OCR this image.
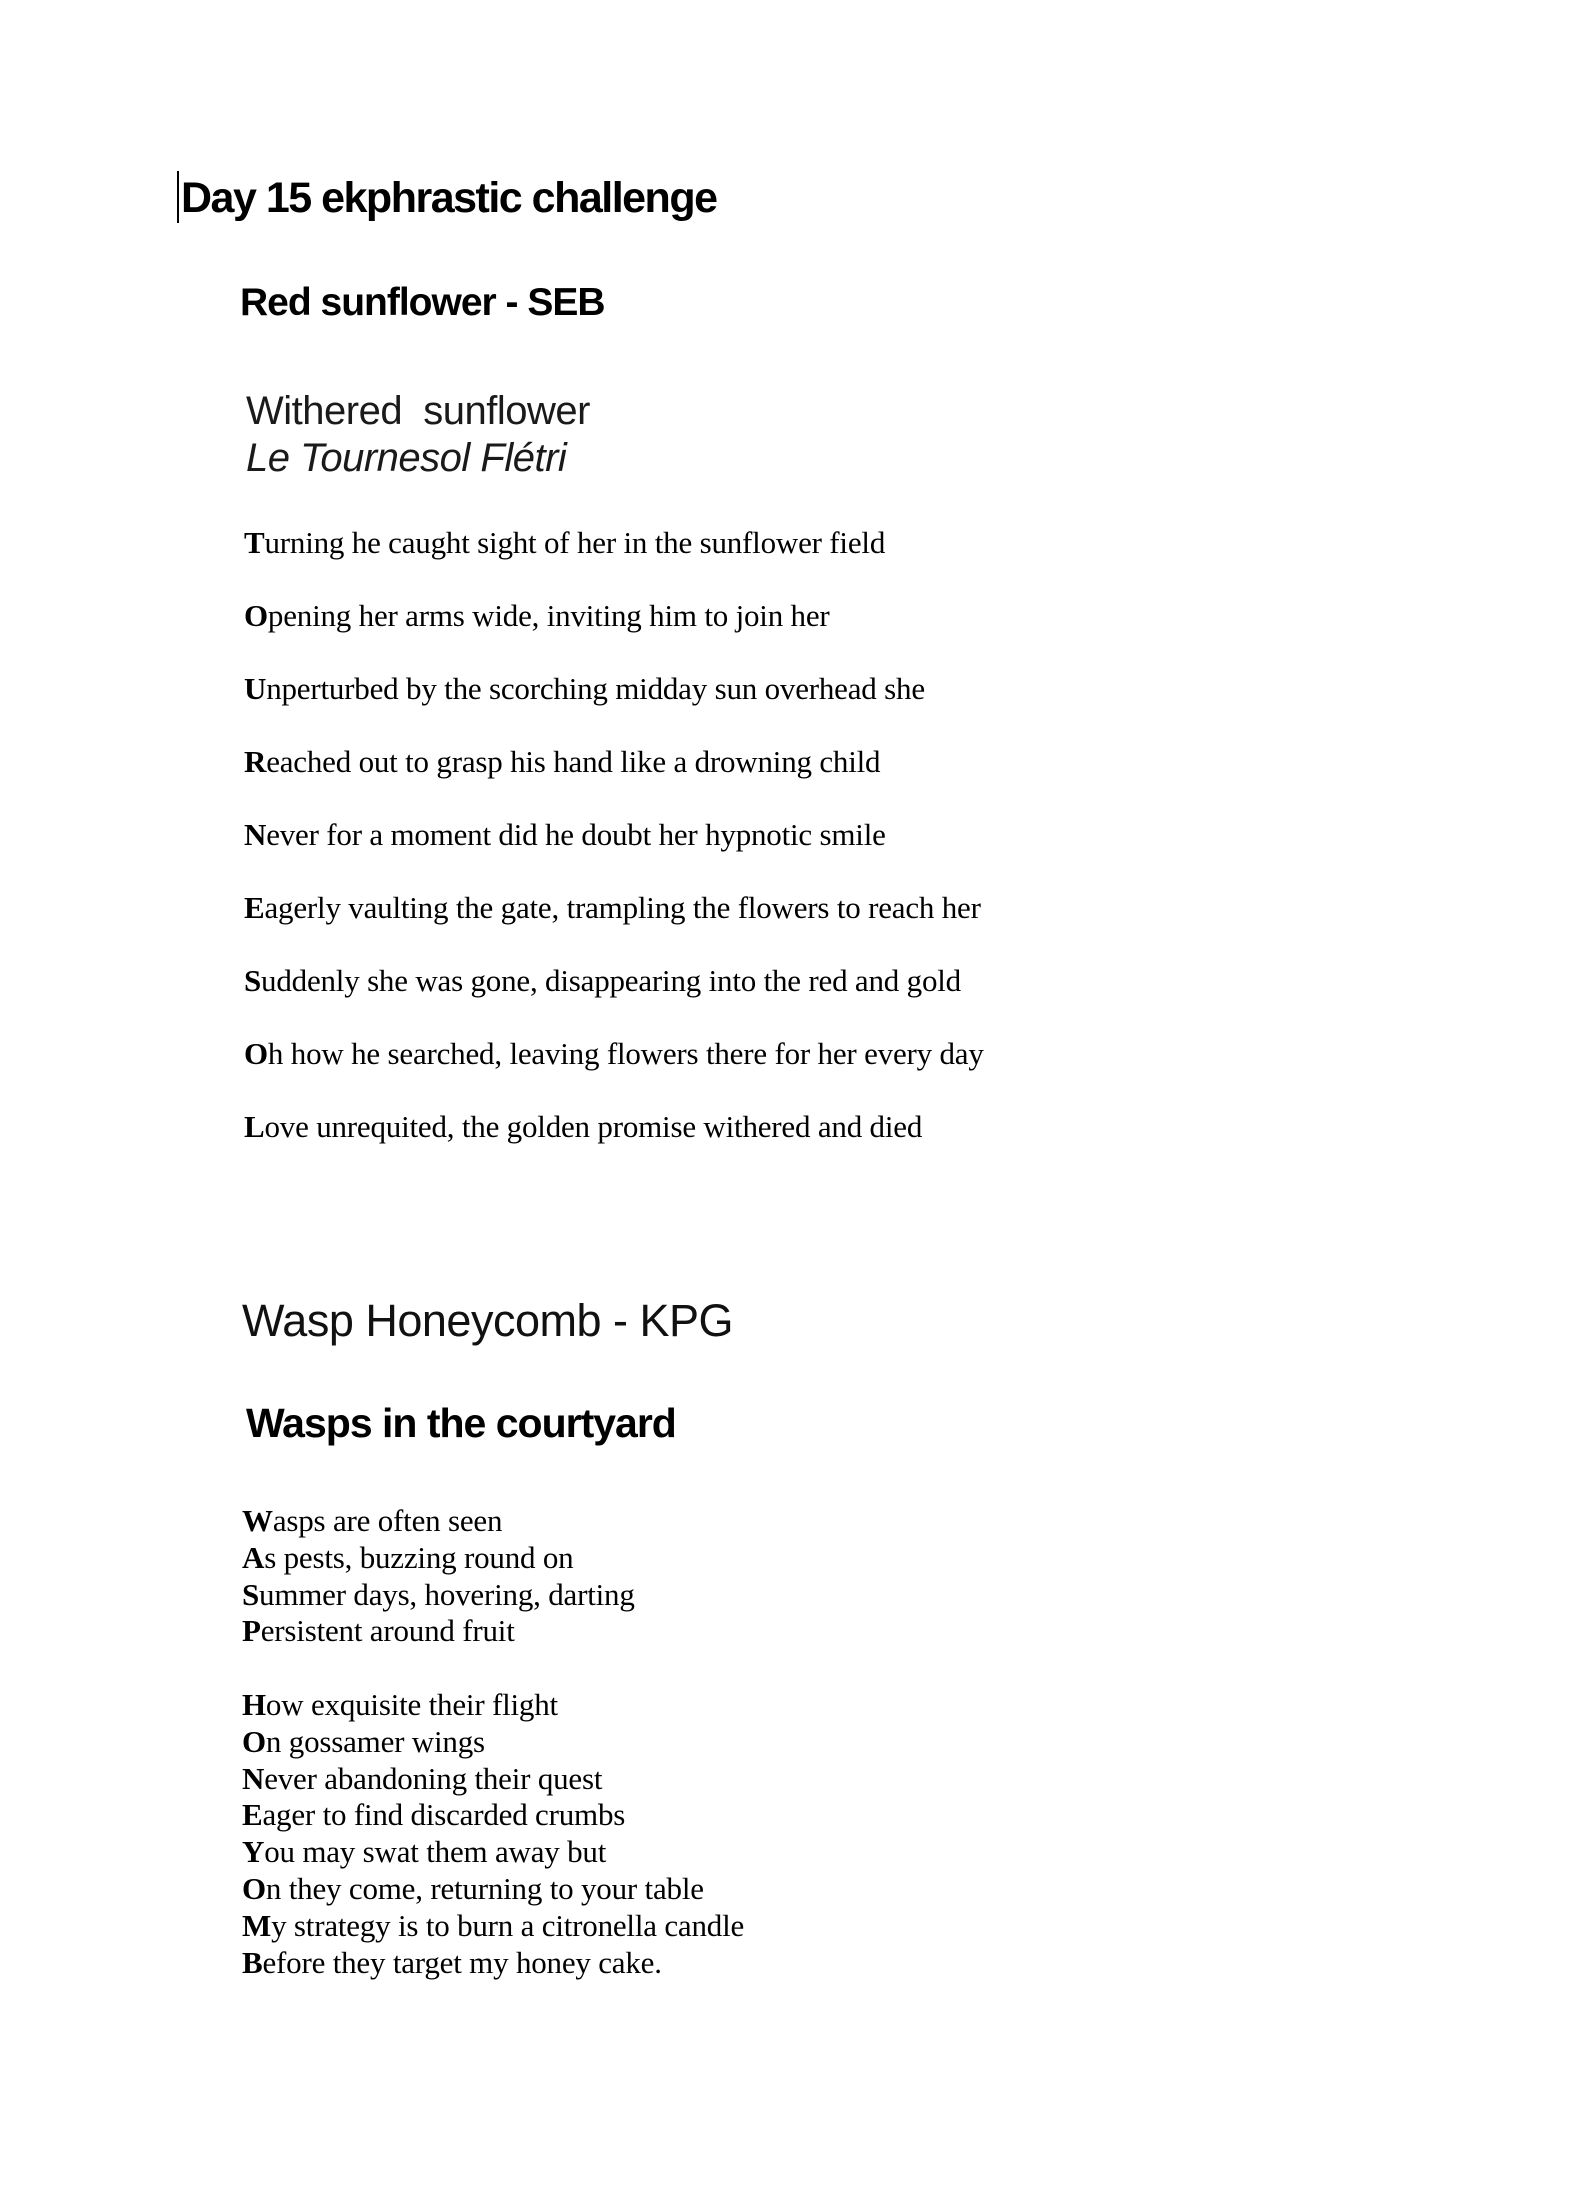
Day 15 ekphrastic challenge
Red sunflower - SEB
Withered  sunflower
Le Tournesol Flétri
Turning he caught sight of her in the sunflower field
Opening her arms wide, inviting him to join her
Unperturbed by the scorching midday sun overhead she
Reached out to grasp his hand like a drowning child
Never for a moment did he doubt her hypnotic smile
Eagerly vaulting the gate, trampling the flowers to reach her
Suddenly she was gone, disappearing into the red and gold
Oh how he searched, leaving flowers there for her every day
Love unrequited, the golden promise withered and died
Wasp Honeycomb - KPG
Wasps in the courtyard
Wasps are often seen
As pests, buzzing round on
Summer days, hovering, darting
Persistent around fruit
How exquisite their flight
On gossamer wings
Never abandoning their quest
Eager to find discarded crumbs
You may swat them away but
On they come, returning to your table
My strategy is to burn a citronella candle
Before they target my honey cake.
